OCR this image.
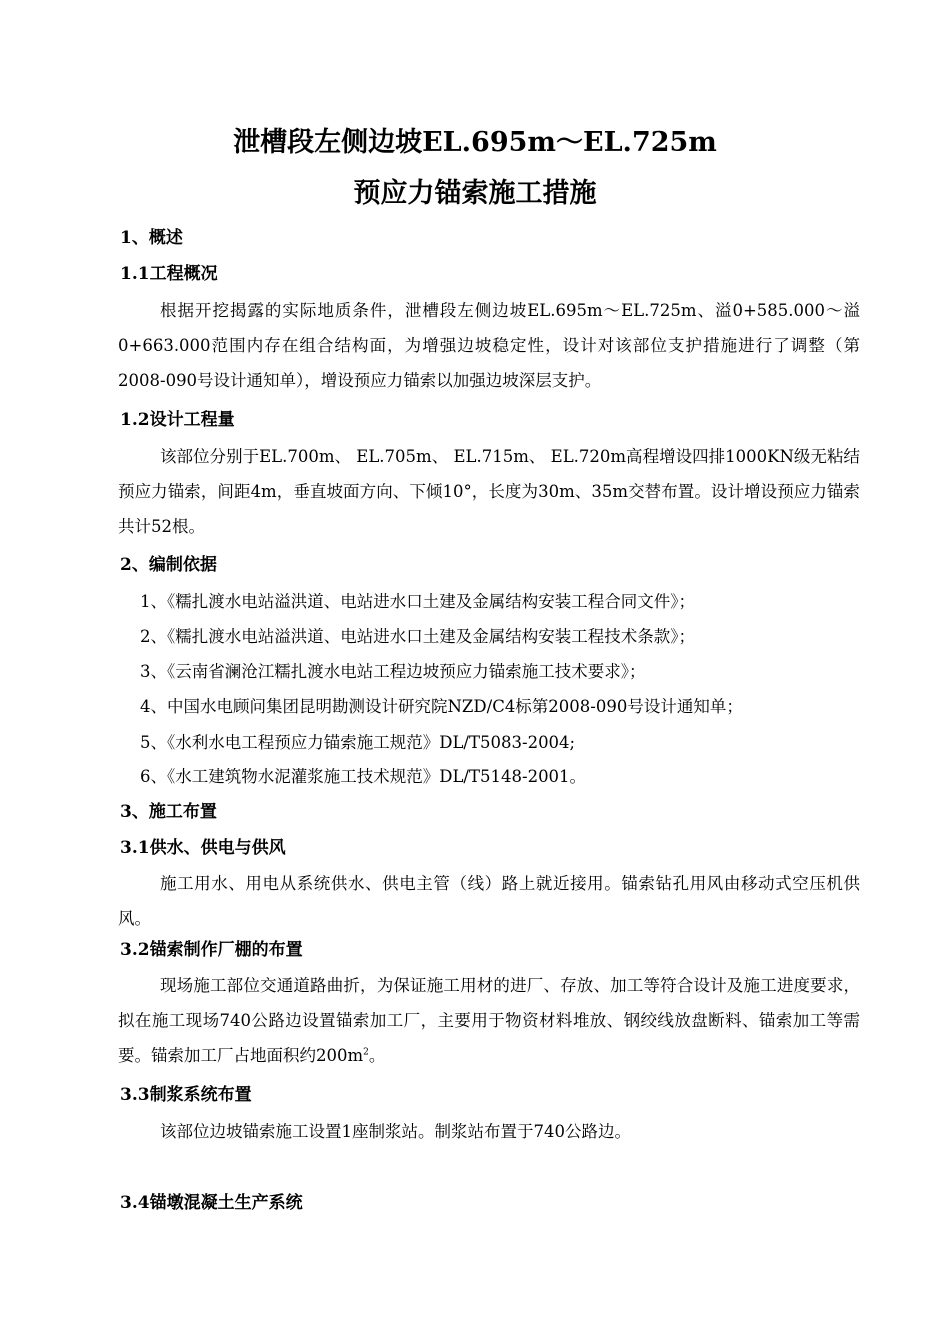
泄槽段左侧边坡EL.695m～EL.725m
预应力锚索施工措施
1、概述
1.1工程概况
根据开挖揭露的实际地质条件，泄槽段左侧边坡EL.695m～EL.725m、溢0+585.000～溢0+663.000范围内存在组合结构面，为增强边坡稳定性，设计对该部位支护措施进行了调整（第2008-090号设计通知单），增设预应力锚索以加强边坡深层支护。
1.2设计工程量
该部位分别于EL.700m、 EL.705m、 EL.715m、 EL.720m高程增设四排1000KN级无粘结预应力锚索，间距4m，垂直坡面方向、下倾10°，长度为30m、35m交替布置。设计增设预应力锚索共计52根。
2、编制依据
1、《糯扎渡水电站溢洪道、电站进水口土建及金属结构安装工程合同文件》；
2、《糯扎渡水电站溢洪道、电站进水口土建及金属结构安装工程技术条款》；
3、《云南省澜沧江糯扎渡水电站工程边坡预应力锚索施工技术要求》；
4、中国水电顾问集团昆明勘测设计研究院NZD/C4标第2008-090号设计通知单；
5、《水利水电工程预应力锚索施工规范》DL/T5083-2004;
6、《水工建筑物水泥灌浆施工技术规范》DL/T5148-2001。
3、施工布置
3.1供水、供电与供风
施工用水、用电从系统供水、供电主管（线）路上就近接用。锚索钻孔用风由移动式空压机供风。
3.2锚索制作厂棚的布置
现场施工部位交通道路曲折，为保证施工用材的进厂、存放、加工等符合设计及施工进度要求，拟在施工现场740公路边设置锚索加工厂，主要用于物资材料堆放、钢绞线放盘断料、锚索加工等需要。锚索加工厂占地面积约$200m^2$。
3.3制浆系统布置
该部位边坡锚索施工设置1座制浆站。制浆站布置于740公路边。
3.4锚墩混凝土生产系统
